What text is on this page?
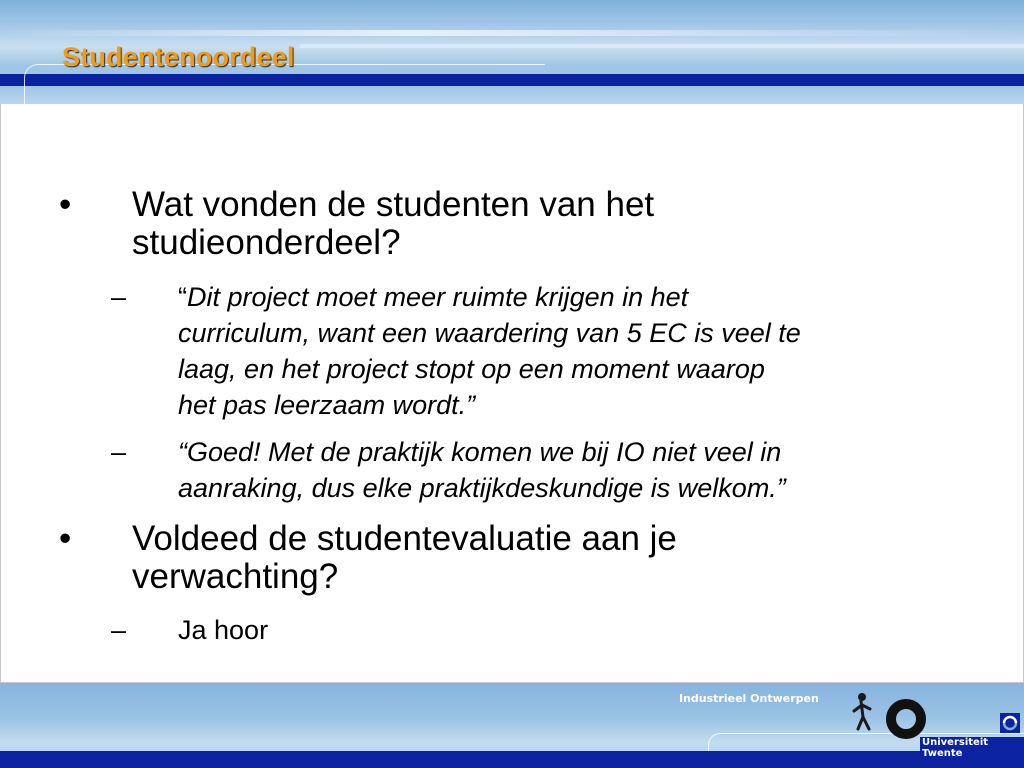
Studentenoordeel
• Wat vonden de studenten van het
studieonderdeel?
– “Dit project moet meer ruimte krijgen in het
curriculum, want een waardering van 5 EC is veel te
laag, en het project stopt op een moment waarop
het pas leerzaam wordt.”
– “Goed! Met de praktijk komen we bij IO niet veel in
aanraking, dus elke praktijkdeskundige is welkom.”
• Voldeed de studentevaluatie aan je
verwachting?
– Ja hoor
Industrieel Ontwerpen
Universiteit Twente
